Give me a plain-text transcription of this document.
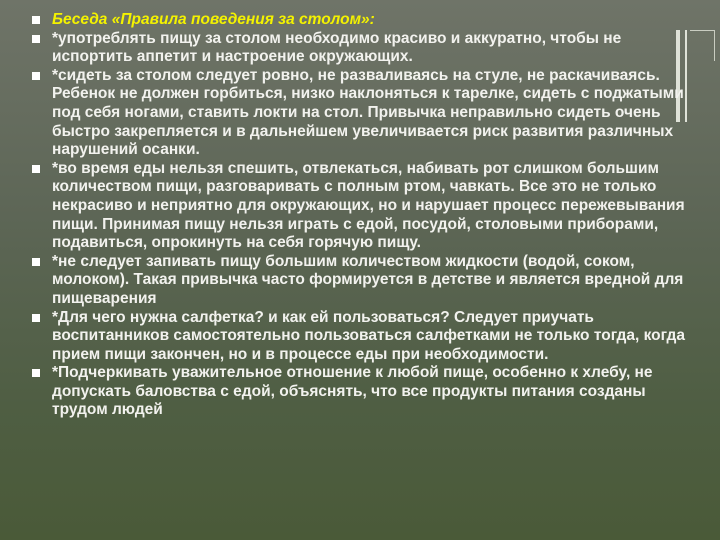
Беседа «Правила поведения за столом»:
*употреблять пищу за столом необходимо красиво и аккуратно, чтобы не испортить аппетит и настроение окружающих.
*сидеть за столом следует ровно, не разваливаясь на стуле, не раскачиваясь. Ребенок не должен горбиться, низко наклоняться к тарелке, сидеть с поджатыми под себя ногами, ставить локти на стол. Привычка неправильно сидеть очень быстро закрепляется и в дальнейшем увеличивается риск развития различных нарушений осанки.
*во время еды нельзя спешить, отвлекаться, набивать рот слишком большим количеством пищи, разговаривать с полным ртом, чавкать. Все это не только некрасиво и неприятно для окружающих, но и нарушает процесс пережевывания пищи. Принимая пищу нельзя играть с едой, посудой, столовыми приборами, подавиться, опрокинуть на себя горячую пищу.
*не следует запивать пищу большим количеством жидкости (водой, соком, молоком). Такая привычка часто формируется в детстве и является вредной для пищеварения
*Для чего нужна салфетка? и как ей пользоваться? Следует приучать воспитанников самостоятельно пользоваться салфетками не только тогда, когда прием пищи закончен, но и в процессе еды при необходимости.
*Подчеркивать уважительное отношение к любой пище, особенно к хлебу, не допускать баловства с едой, объяснять, что все продукты питания созданы трудом людей
